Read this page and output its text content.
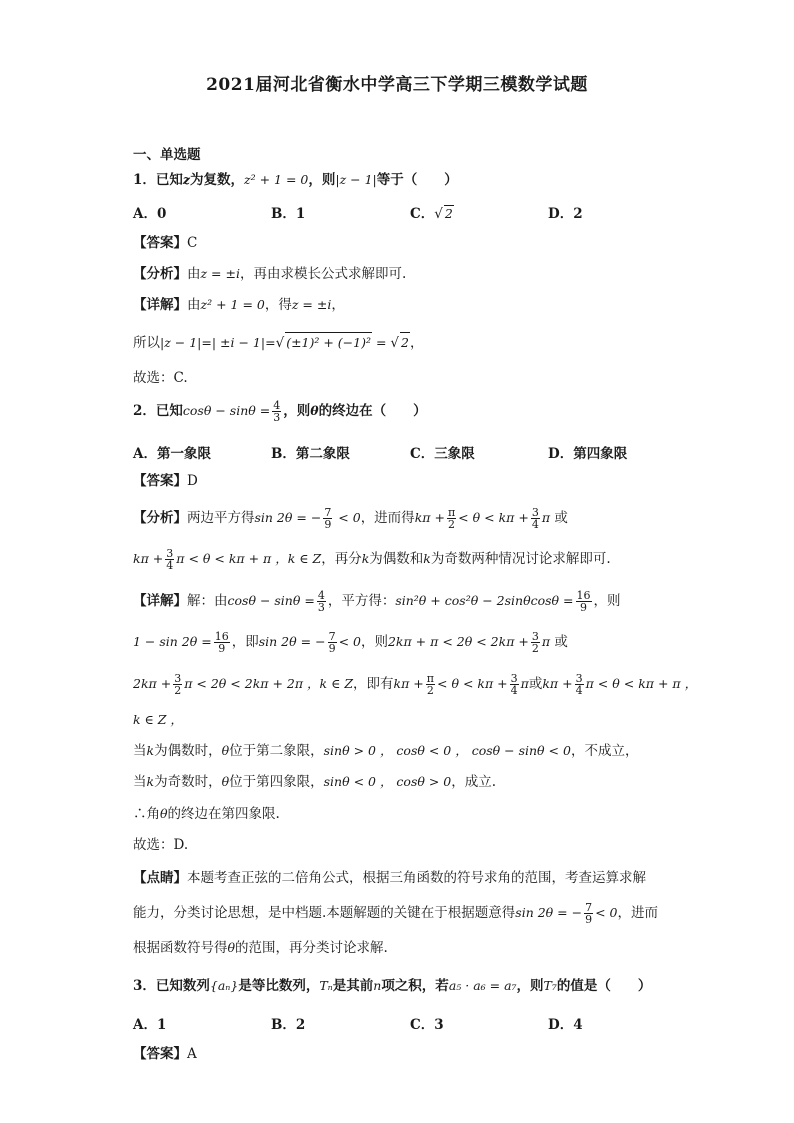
2021届河北省衡水中学高三下学期三模数学试题
一、单选题
1．已知z为复数，z² + 1 = 0，则|z − 1|等于（　　）
A．0	B．1	C．√ 2	D．2
【答案】C
【分析】由z = ±i，再由求模长公式求解即可.
【详解】由z² + 1 = 0，得z = ±i，
所以|z − 1|=| ±i − 1|=√ (±1)² + (−1)² = √ 2，
故选：C.
2．已知$\cos\theta - \sin\theta = \frac{4}{3}$ ，则θ的终边在（　　）
A．第一象限	B．第二象限	C．三象限	D．第四象限
【答案】D
【分析】两边平方得sin 2θ = − $\frac{7}{9} < 0$，进而得$k\pi + \frac{\pi}{2} < \theta < k\pi + \frac{3}{4}$ π 或
$k\pi + \frac{3}{4}$ π < θ < kπ + π ，k ∈ Z，再分k为偶数和k为奇数两种情况讨论求解即可.
【详解】解：由$\cos\theta - \sin\theta = \frac{4}{3}$ ，平方得：$\sin^2\theta + \cos^2\theta - 2\sin\theta\cos\theta = \frac{16}{9}$ ，则
$1 - \sin 2\theta = \frac{16}{9}$ ，即sin 2θ = − $\frac{7}{9} < 0$，则$2k\pi + \pi < 2\theta < 2k\pi + \frac{3}{2}$ π 或
$2k\pi + \frac{3}{2}$ π < 2θ < 2kπ + 2π ，k ∈ Z，即有$k\pi + \frac{\pi}{2} < \theta < k\pi + \frac{3}{4}$ π或$k\pi + \frac{3}{4}$ π < θ < kπ + π ，
k ∈ Z ，
当k为偶数时，θ位于第二象限，sinθ > 0 ， cosθ < 0 ， cosθ − sinθ < 0，不成立，
当k为奇数时，θ位于第四象限，sinθ < 0 ， cosθ > 0，成立.
∴角θ的终边在第四象限.
故选：D.
【点睛】本题考查正弦的二倍角公式，根据三角函数的符号求角的范围，考查运算求解
能力，分类讨论思想，是中档题.本题解题的关键在于根据题意得sin 2θ = − $\frac{7}{9} < 0$，进而
根据函数符号得θ的范围，再分类讨论求解.
3．已知数列{aₙ}是等比数列，Tₙ是其前n项之积，若a₅ · a₆ = a₇，则T₇的值是（　　）
A．1	B．2	C．3	D．4
【答案】A
